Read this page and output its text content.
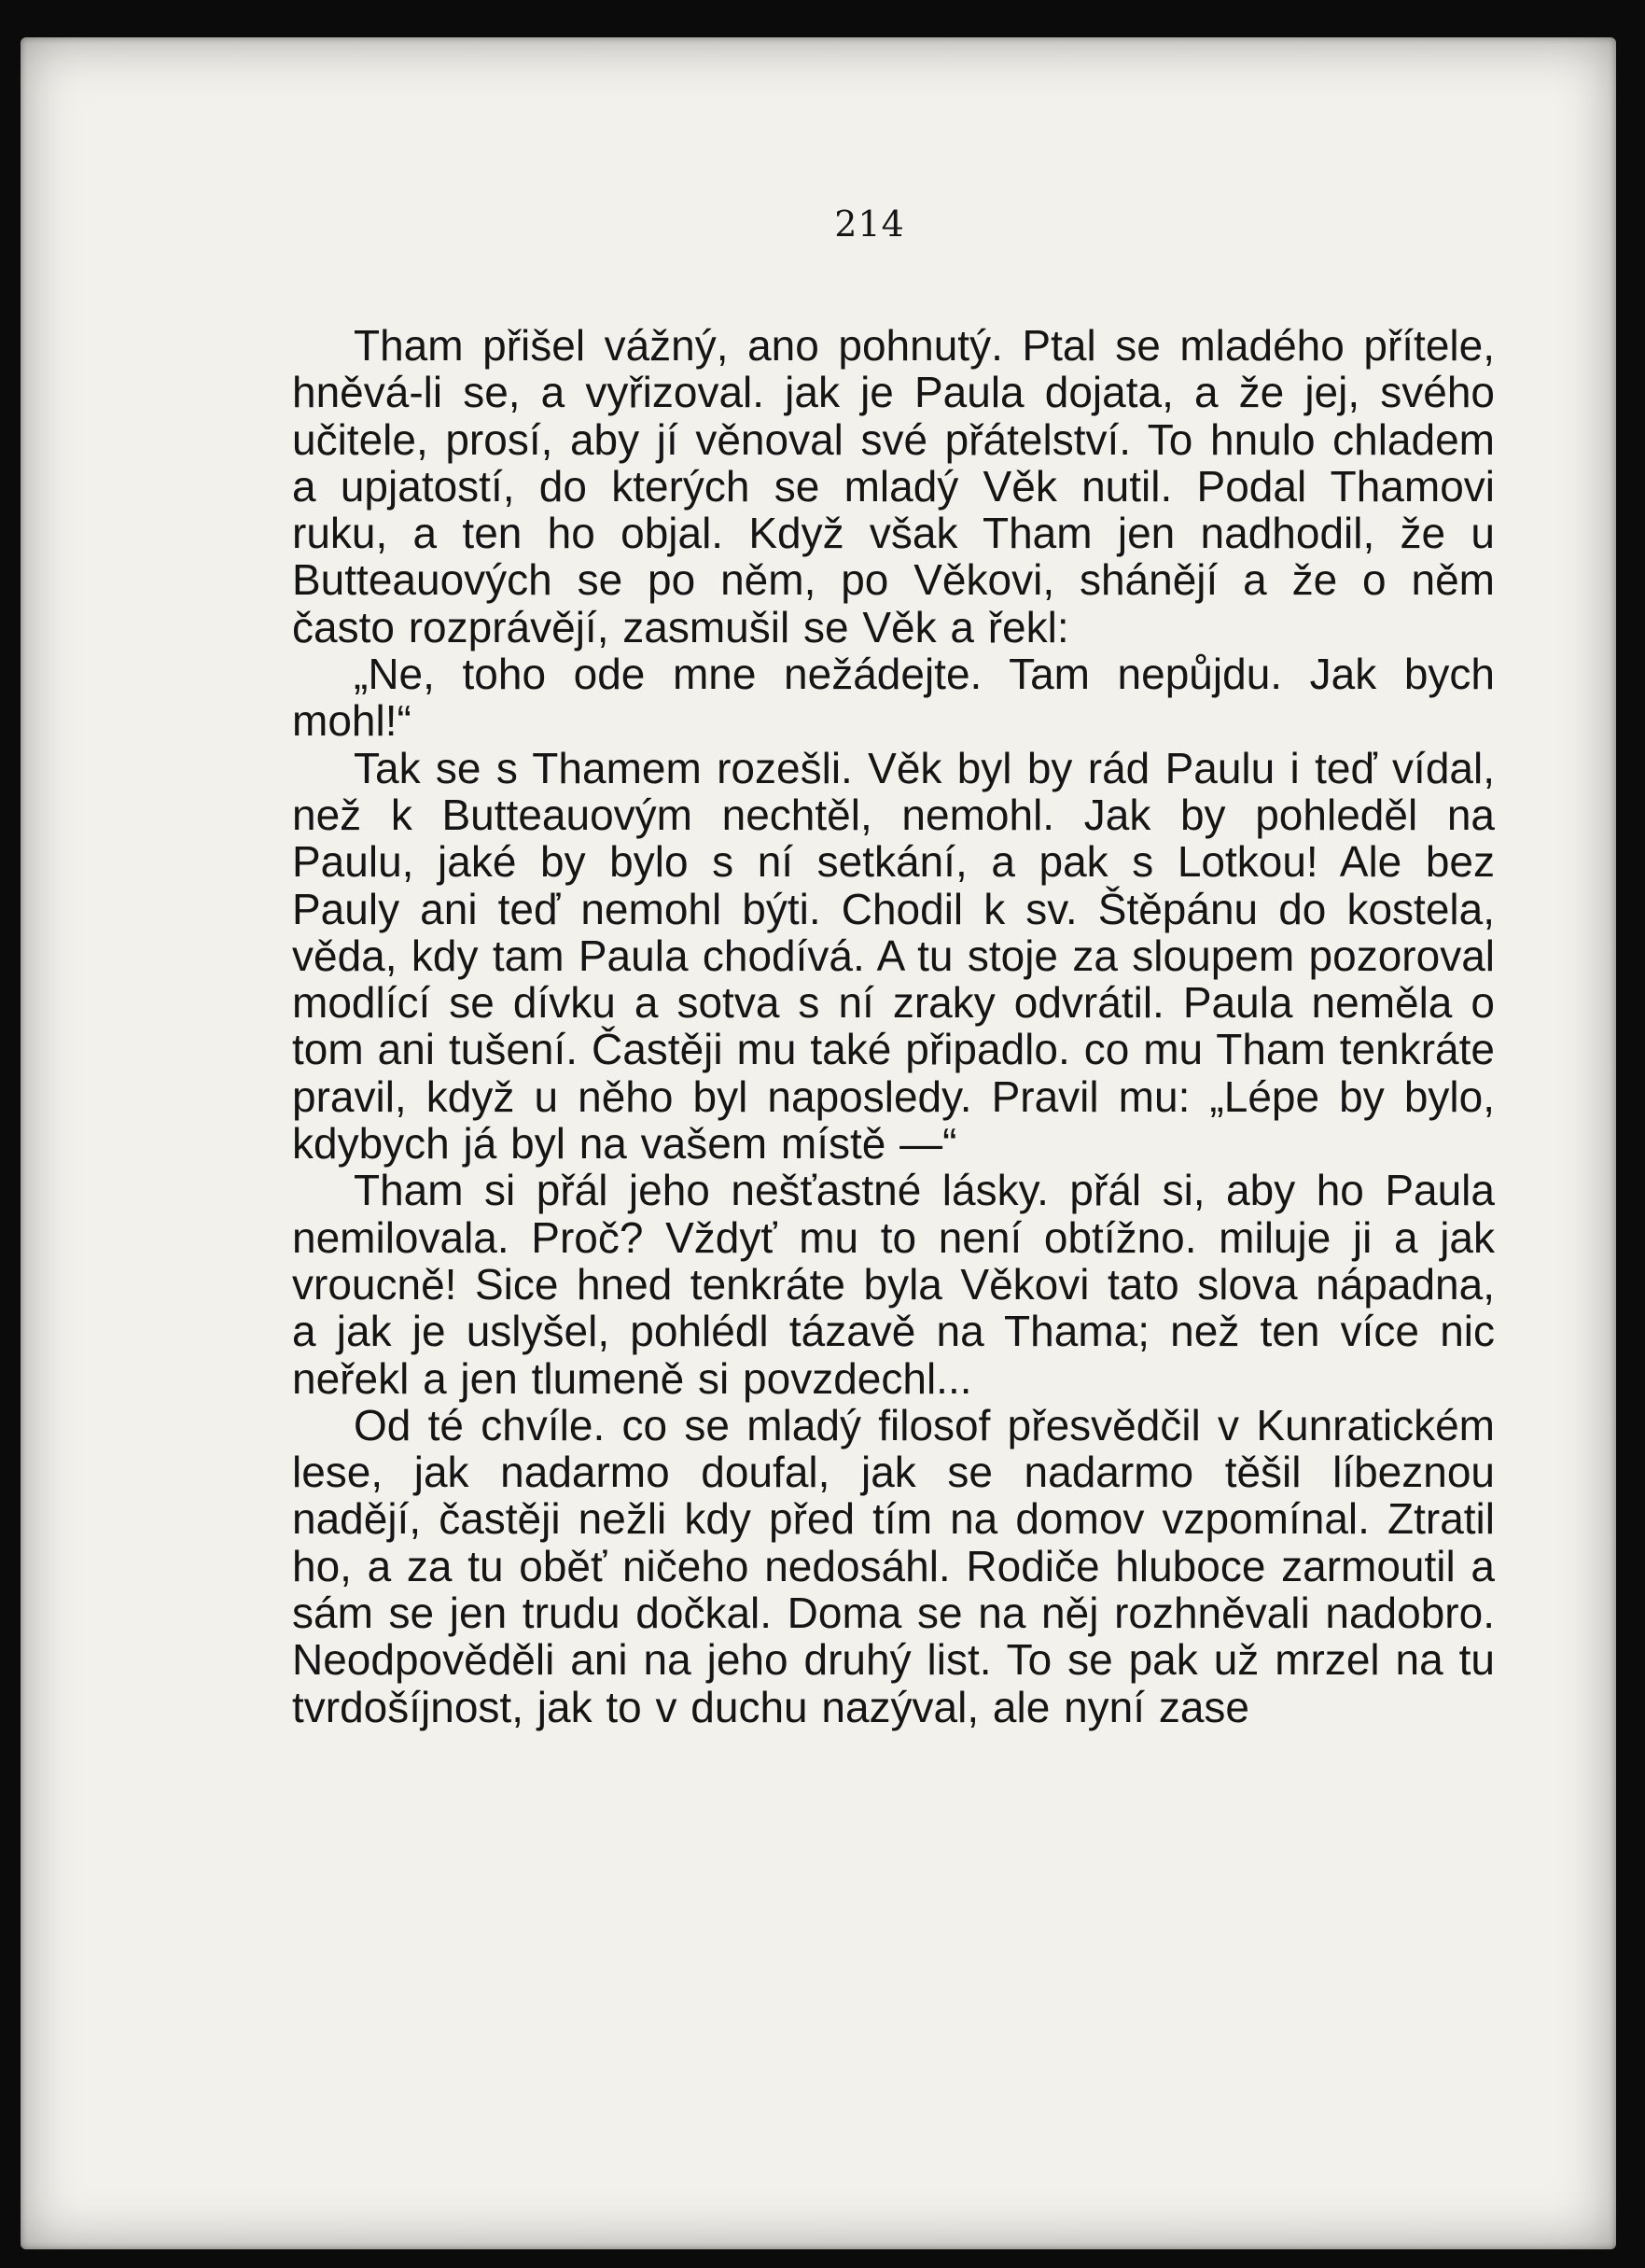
214

Tham přišel vážný, ano pohnutý. Ptal se mladého přítele, hněvá-li se, a vyřizoval. jak je Paula dojata, a že jej, svého učitele, prosí, aby jí věnoval své přátelství. To hnulo chladem a upjatostí, do kterých se mladý Věk nutil. Podal Thamovi ruku, a ten ho objal. Když však Tham jen nadhodil, že u Butteauových se po něm, po Věkovi, shánějí a že o něm často rozprávějí, zasmušil se Věk a řekl:

„Ne, toho ode mne nežádejte. Tam nepůjdu. Jak bych mohl!“

Tak se s Thamem rozešli. Věk byl by rád Paulu i teď vídal, než k Butteauovým nechtěl, nemohl. Jak by pohleděl na Paulu, jaké by bylo s ní setkání, a pak s Lotkou! Ale bez Pauly ani teď nemohl býti. Chodil k sv. Štěpánu do kostela, věda, kdy tam Paula chodívá. A tu stoje za sloupem pozoroval modlící se dívku a sotva s ní zraky odvrátil. Paula neměla o tom ani tušení. Častěji mu také připadlo. co mu Tham tenkráte pravil, když u něho byl naposledy. Pravil mu: „Lépe by bylo, kdybych já byl na vašem místě —“

Tham si přál jeho nešťastné lásky. přál si, aby ho Paula nemilovala. Proč? Vždyť mu to není obtížno. miluje ji a jak vroucně! Sice hned tenkráte byla Věkovi tato slova nápadna, a jak je uslyšel, pohlédl tázavě na Thama; než ten více nic neřekl a jen tlumeně si povzdechl...

Od té chvíle. co se mladý filosof přesvědčil v Kunratickém lese, jak nadarmo doufal, jak se nadarmo těšil líbeznou nadějí, častěji nežli kdy před tím na domov vzpomínal. Ztratil ho, a za tu oběť ničeho nedosáhl. Rodiče hluboce zarmoutil a sám se jen trudu dočkal. Doma se na něj rozhněvali nadobro. Neodpověděli ani na jeho druhý list. To se pak už mrzel na tu tvrdošíjnost, jak to v duchu nazýval, ale nyní zase
